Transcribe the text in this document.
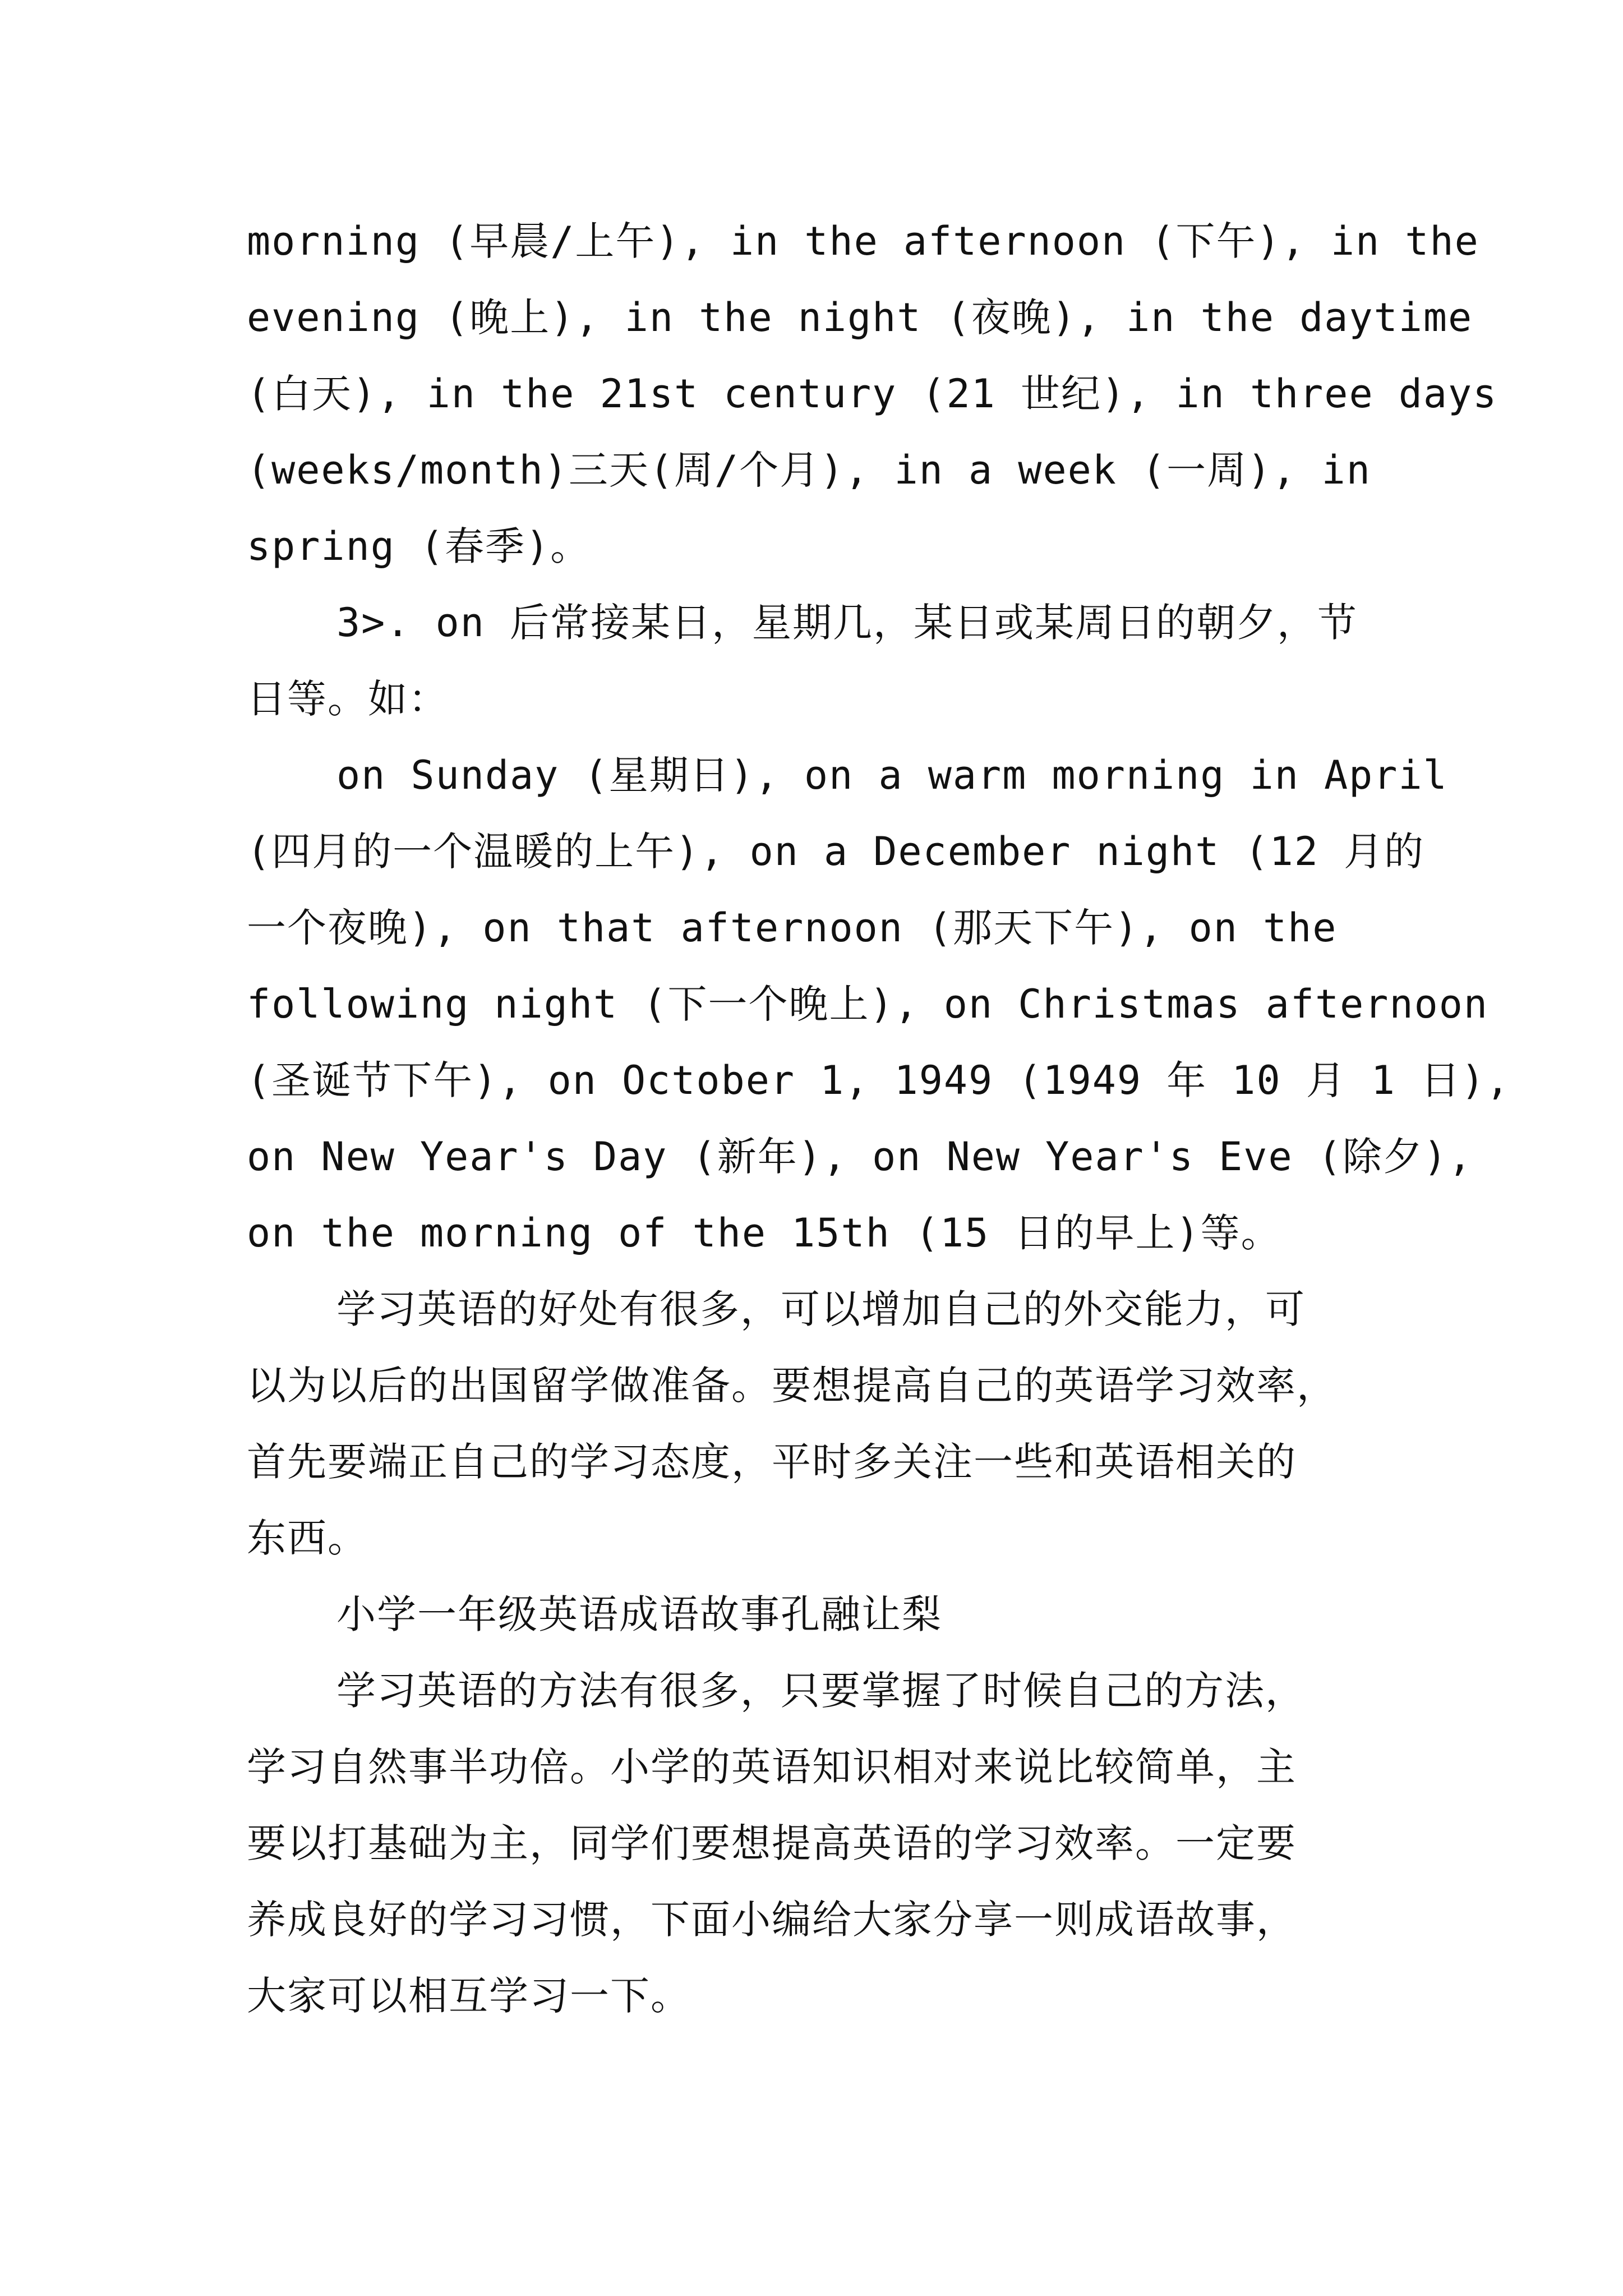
morning (早晨/上午), in the afternoon (下午), in the
evening (晚上), in the night (夜晚), in the daytime
(白天), in the 21st century (21 世纪), in three days
(weeks/month)三天(周/个月), in a week (一周), in
spring (春季)。
3>. on 后常接某日，星期几，某日或某周日的朝夕，节
日等。如：
on Sunday (星期日), on a warm morning in April
(四月的一个温暖的上午), on a December night (12 月的
一个夜晚), on that afternoon (那天下午), on the
following night (下一个晚上), on Christmas afternoon
(圣诞节下午), on October 1, 1949 (1949 年 10 月 1 日),
on New Year's Day (新年), on New Year's Eve (除夕),
on the morning of the 15th (15 日的早上)等。
学习英语的好处有很多，可以增加自己的外交能力，可
以为以后的出国留学做准备。要想提高自己的英语学习效率，
首先要端正自己的学习态度，平时多关注一些和英语相关的
东西。
小学一年级英语成语故事孔融让梨
学习英语的方法有很多，只要掌握了时候自己的方法，
学习自然事半功倍。小学的英语知识相对来说比较简单，主
要以打基础为主，同学们要想提高英语的学习效率。一定要
养成良好的学习习惯，下面小编给大家分享一则成语故事，
大家可以相互学习一下。
